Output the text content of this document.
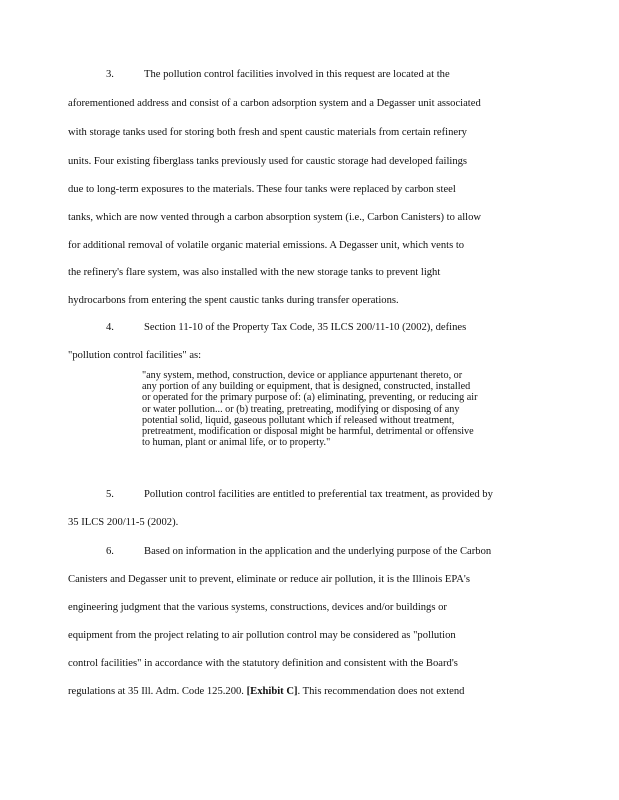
3.	The pollution control facilities involved in this request are located at the
aforementioned address and consist of a carbon adsorption system and a Degasser unit associated
with storage tanks used for storing both fresh and spent caustic materials from certain refinery
units. Four existing fiberglass tanks previously used for caustic storage had developed failings
due to long-term exposures to the materials. These four tanks were replaced by carbon steel
tanks, which are now vented through a carbon absorption system (i.e., Carbon Canisters) to allow
for additional removal of volatile organic material emissions. A Degasser unit, which vents to
the refinery's flare system, was also installed with the new storage tanks to prevent light
hydrocarbons from entering the spent caustic tanks during transfer operations.
4.	Section 11-10 of the Property Tax Code, 35 ILCS 200/11-10 (2002), defines
"pollution control facilities" as:
"any system, method, construction, device or appliance appurtenant thereto, or
any portion of any building or equipment, that is designed, constructed, installed
or operated for the primary purpose of: (a) eliminating, preventing, or reducing air
or water pollution... or (b) treating, pretreating, modifying or disposing of any
potential solid, liquid, gaseous pollutant which if released without treatment,
pretreatment, modification or disposal might be harmful, detrimental or offensive
to human, plant or animal life, or to property."
5.	Pollution control facilities are entitled to preferential tax treatment, as provided by
35 ILCS 200/11-5 (2002).
6.	Based on information in the application and the underlying purpose of the Carbon
Canisters and Degasser unit to prevent, eliminate or reduce air pollution, it is the Illinois EPA's
engineering judgment that the various systems, constructions, devices and/or buildings or
equipment from the project relating to air pollution control may be considered as "pollution
control facilities" in accordance with the statutory definition and consistent with the Board's
regulations at 35 Ill. Adm. Code 125.200. [Exhibit C]. This recommendation does not extend
